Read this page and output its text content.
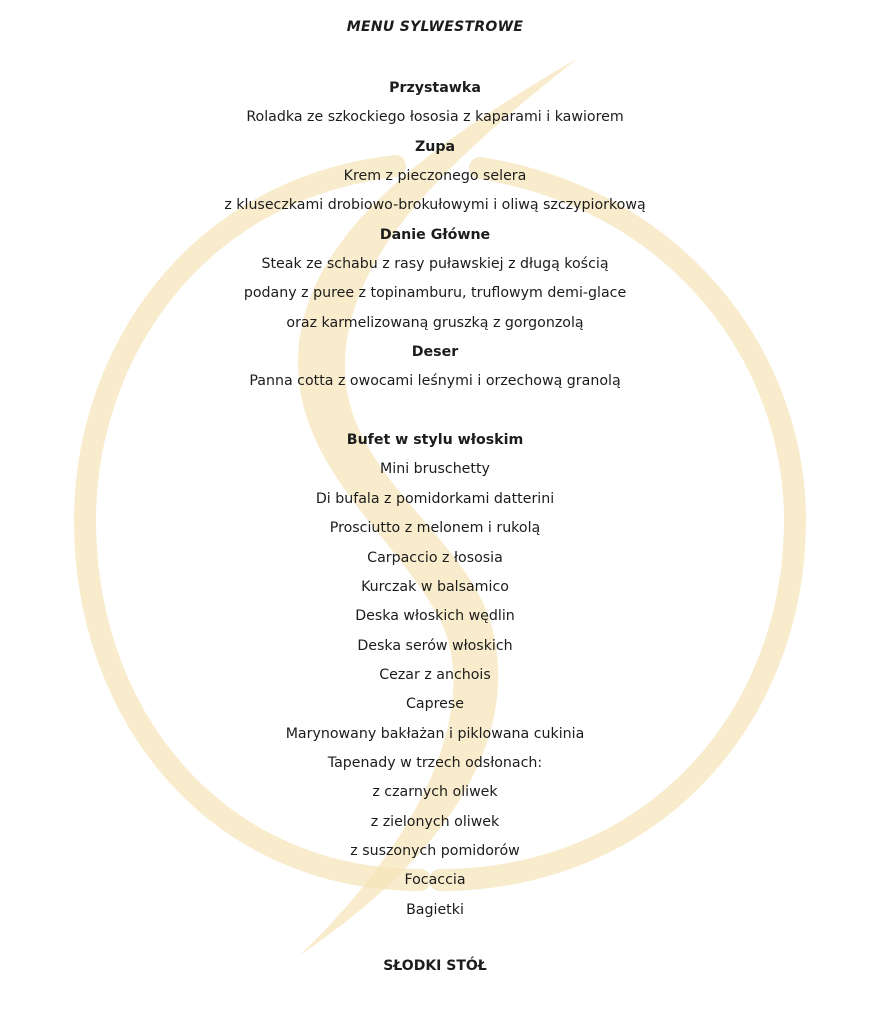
MENU SYLWESTROWE
Przystawka
Roladka ze szkockiego łososia z kaparami i kawiorem
Zupa
Krem z pieczonego selera
z kluseczkami drobiowo-brokułowymi i oliwą szczypiorkową
Danie Główne
Steak ze schabu z rasy puławskiej z długą kością
podany z puree z topinamburu, truflowym demi-glace
oraz karmelizowaną gruszką z gorgonzolą
Deser
Panna cotta z owocami leśnymi i orzechową granolą
Bufet w stylu włoskim
Mini bruschetty
Di bufala z pomidorkami datterini
Prosciutto z melonem i rukolą
Carpaccio z łososia
Kurczak w balsamico
Deska włoskich wędlin
Deska serów włoskich
Cezar z anchois
Caprese
Marynowany bakłażan i piklowana cukinia
Tapenady w trzech odsłonach:
z czarnych oliwek
z zielonych oliwek
z suszonych pomidorów
Focaccia
Bagietki
SŁODKI STÓŁ
